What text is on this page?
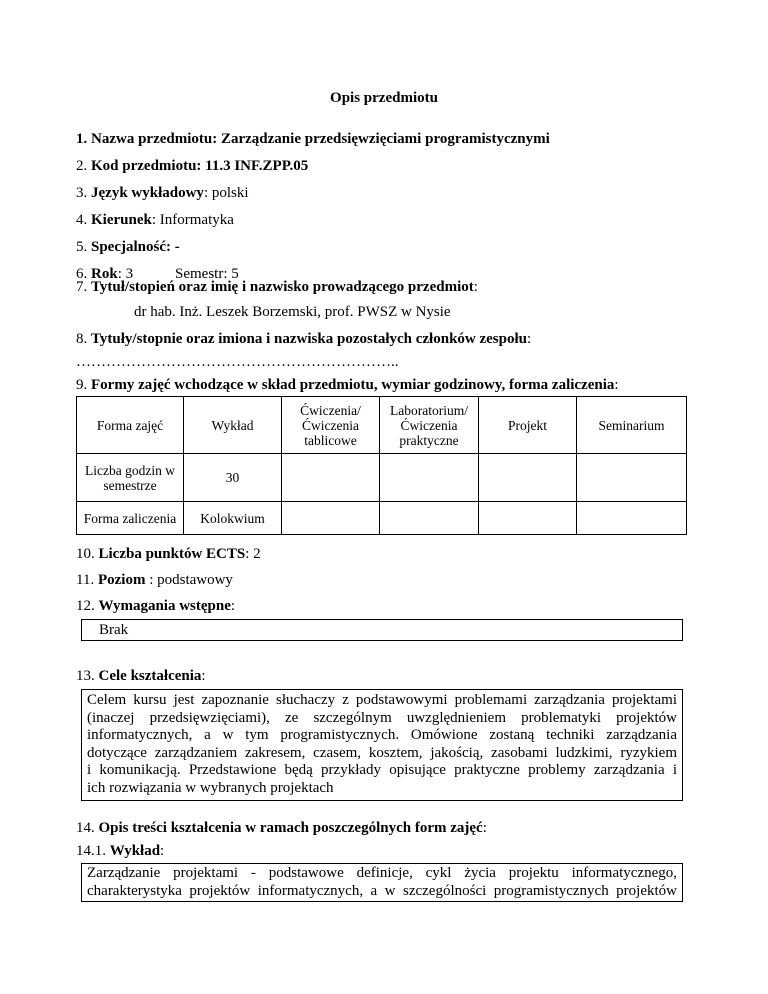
Opis przedmiotu
1. Nazwa przedmiotu: Zarządzanie przedsięwzięciami programistycznymi
2. Kod przedmiotu: 11.3 INF.ZPP.05
3. Język wykładowy: polski
4. Kierunek: Informatyka
5. Specjalność: -
6. Rok: 3	Semestr: 5
7. Tytuł/stopień oraz imię i nazwisko prowadzącego przedmiot:
dr hab. Inż. Leszek Borzemski, prof. PWSZ w Nysie
8. Tytuły/stopnie oraz imiona i nazwiska pozostałych członków zespołu:
………………………………………………………..
9. Formy zajęć wchodzące w skład przedmiotu, wymiar godzinowy, forma zaliczenia:
Forma zajęć	Wykład	Ćwiczenia/ Ćwiczenia tablicowe	Laboratorium/ Ćwiczenia praktyczne	Projekt	Seminarium
Liczba godzin w semestrze	30				
Forma zaliczenia	Kolokwium				
10. Liczba punktów ECTS: 2
11. Poziom : podstawowy
12. Wymagania wstępne:
Brak
13. Cele kształcenia:
Celem kursu jest zapoznanie słuchaczy z podstawowymi problemami zarządzania projektami
(inaczej przedsięwzięciami), ze szczególnym uwzględnieniem problematyki projektów
informatycznych, a w tym programistycznych. Omówione zostaną techniki zarządzania
dotyczące zarządzaniem zakresem, czasem, kosztem, jakością, zasobami ludzkimi, ryzykiem
i komunikacją. Przedstawione będą przykłady opisujące praktyczne problemy zarządzania i
ich rozwiązania w wybranych projektach
14. Opis treści kształcenia w ramach poszczególnych form zajęć:
14.1. Wykład:
Zarządzanie projektami - podstawowe definicje, cykl życia projektu informatycznego,
charakterystyka projektów informatycznych, a w szczególności programistycznych projektów
